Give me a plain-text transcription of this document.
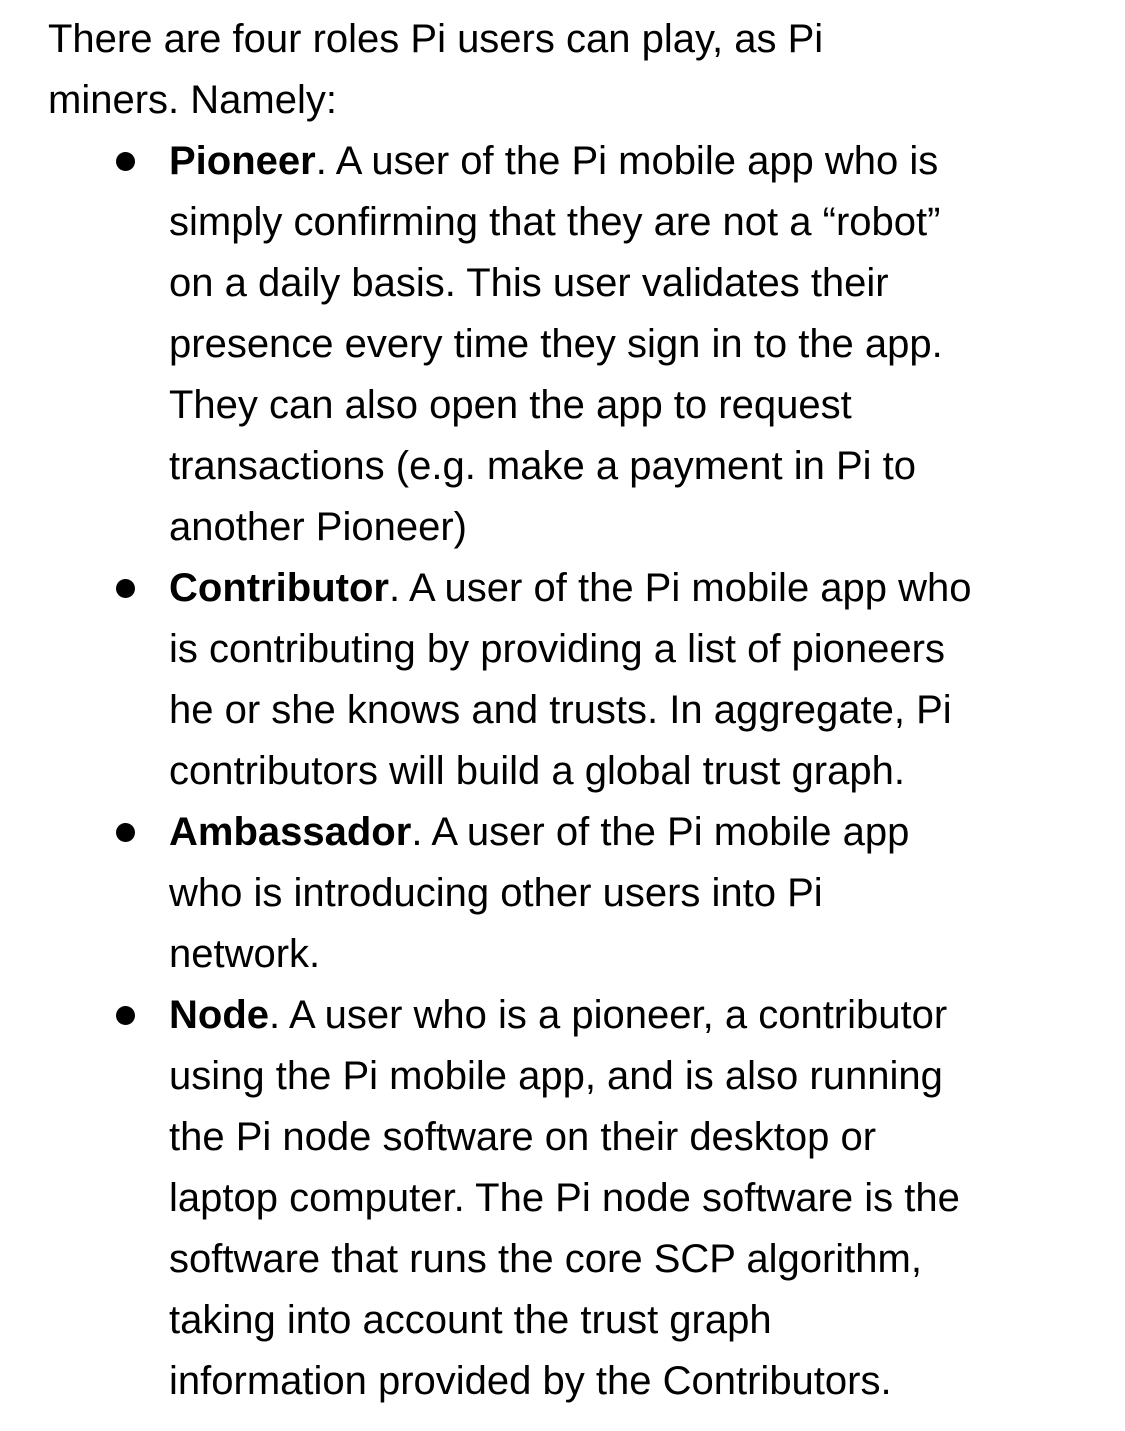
There are four roles Pi users can play, as Pi
miners. Namely:
Pioneer. A user of the Pi mobile app who is
simply confirming that they are not a “robot”
on a daily basis. This user validates their
presence every time they sign in to the app.
They can also open the app to request
transactions (e.g. make a payment in Pi to
another Pioneer)
Contributor. A user of the Pi mobile app who
is contributing by providing a list of pioneers
he or she knows and trusts. In aggregate, Pi
contributors will build a global trust graph.
Ambassador. A user of the Pi mobile app
who is introducing other users into Pi
network.
Node. A user who is a pioneer, a contributor
using the Pi mobile app, and is also running
the Pi node software on their desktop or
laptop computer. The Pi node software is the
software that runs the core SCP algorithm,
taking into account the trust graph
information provided by the Contributors.
